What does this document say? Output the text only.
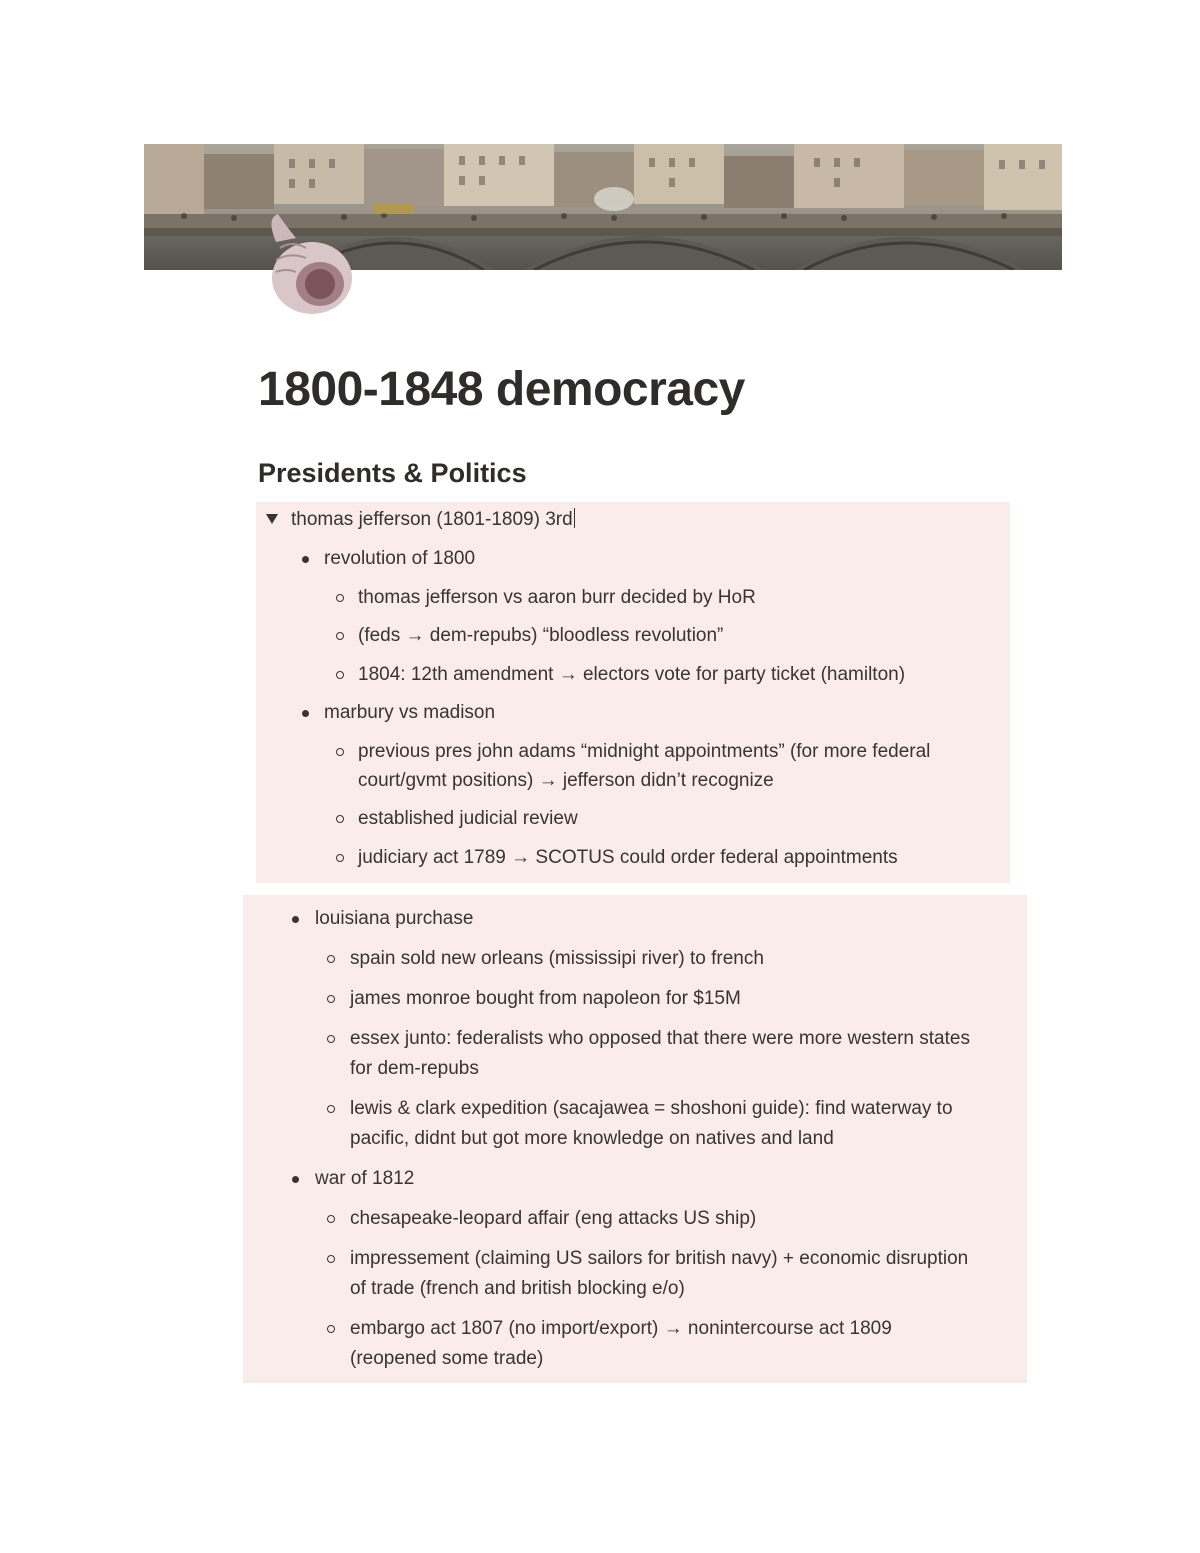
1800-1848 democracy
Presidents & Politics
thomas jefferson (1801-1809) 3rd
revolution of 1800
thomas jefferson vs aaron burr decided by HoR
(feds → dem-repubs) “bloodless revolution”
1804: 12th amendment → electors vote for party ticket (hamilton)
marbury vs madison
previous pres john adams “midnight appointments” (for more federal
court/gvmt positions) → jefferson didn’t recognize
established judicial review
judiciary act 1789 → SCOTUS could order federal appointments
louisiana purchase
spain sold new orleans (mississipi river) to french
james monroe bought from napoleon for $15M
essex junto: federalists who opposed that there were more western states
for dem-repubs
lewis & clark expedition (sacajawea = shoshoni guide): find waterway to
pacific, didnt but got more knowledge on natives and land
war of 1812
chesapeake-leopard affair (eng attacks US ship)
impressement (claiming US sailors for british navy) + economic disruption
of trade (french and british blocking e/o)
embargo act 1807 (no import/export) → nonintercourse act 1809
(reopened some trade)
